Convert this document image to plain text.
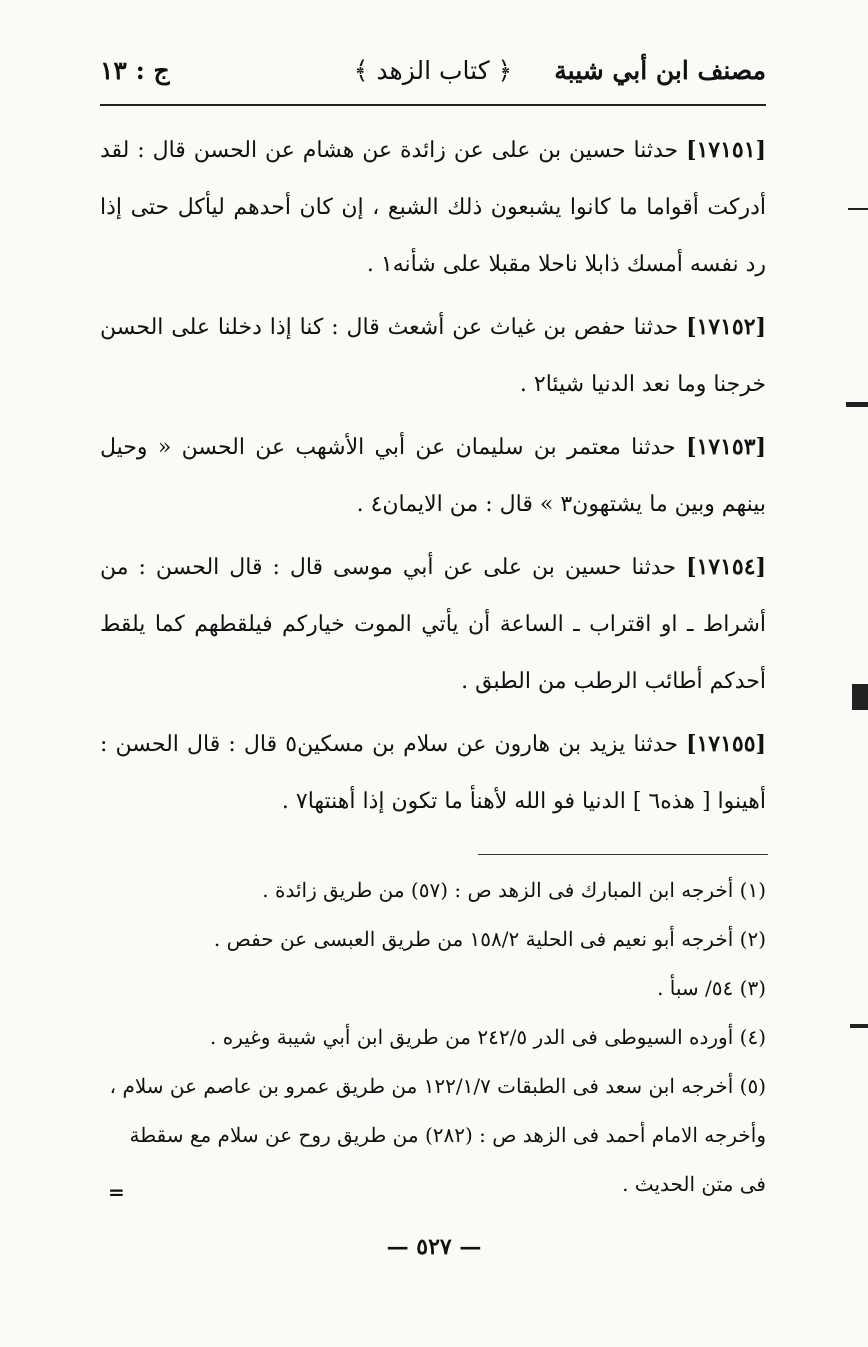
مصنف ابن أبي شيبة
﴿ كتاب الزهد ﴾
ج : ١٣

[١٧١٥١] حدثنا حسين بن على عن زائدة عن هشام عن الحسن قال : لقد أدركت أقواما ما كانوا يشبعون ذلك الشبع ، إن كان أحدهم ليأكل حتى إذا رد نفسه أمسك ذابلا ناحلا مقبلا على شأنه١ .

[١٧١٥٢] حدثنا حفص بن غياث عن أشعث قال : كنا إذا دخلنا على الحسن خرجنا وما نعد الدنيا شيئا٢ .

[١٧١٥٣] حدثنا معتمر بن سليمان عن أبي الأشهب عن الحسن « وحيل بينهم وبين ما يشتهون٣ » قال : من الايمان٤ .

[١٧١٥٤] حدثنا حسين بن على عن أبي موسى قال : قال الحسن : من أشراط ـ او اقتراب ـ الساعة أن يأتي الموت خياركم فيلقطهم كما يلقط أحدكم أطائب الرطب من الطبق .

[١٧١٥٥] حدثنا يزيد بن هارون عن سلام بن مسكين٥ قال : قال الحسن : أهينوا [ هذه٦ ] الدنيا فو الله لأهنأ ما تكون إذا أهنتها٧ .

(١) أخرجه ابن المبارك فى الزهد ص : (٥٧) من طريق زائدة .

(٢) أخرجه أبو نعيم فى الحلية ١٥٨/٢ من طريق العبسى عن حفص .

(٣) ٥٤/ سبأ .

(٤) أورده السيوطى فى الدر ٢٤٢/٥ من طريق ابن أبي شيبة وغيره .

(٥) أخرجه ابن سعد فى الطبقات ١٢٢/١/٧ من طريق عمرو بن عاصم عن سلام ، وأخرجه الامام أحمد فى الزهد ص : (٢٨٢) من طريق روح عن سلام مع سقطة فى متن الحديث .

=
— ٥٢٧ —
